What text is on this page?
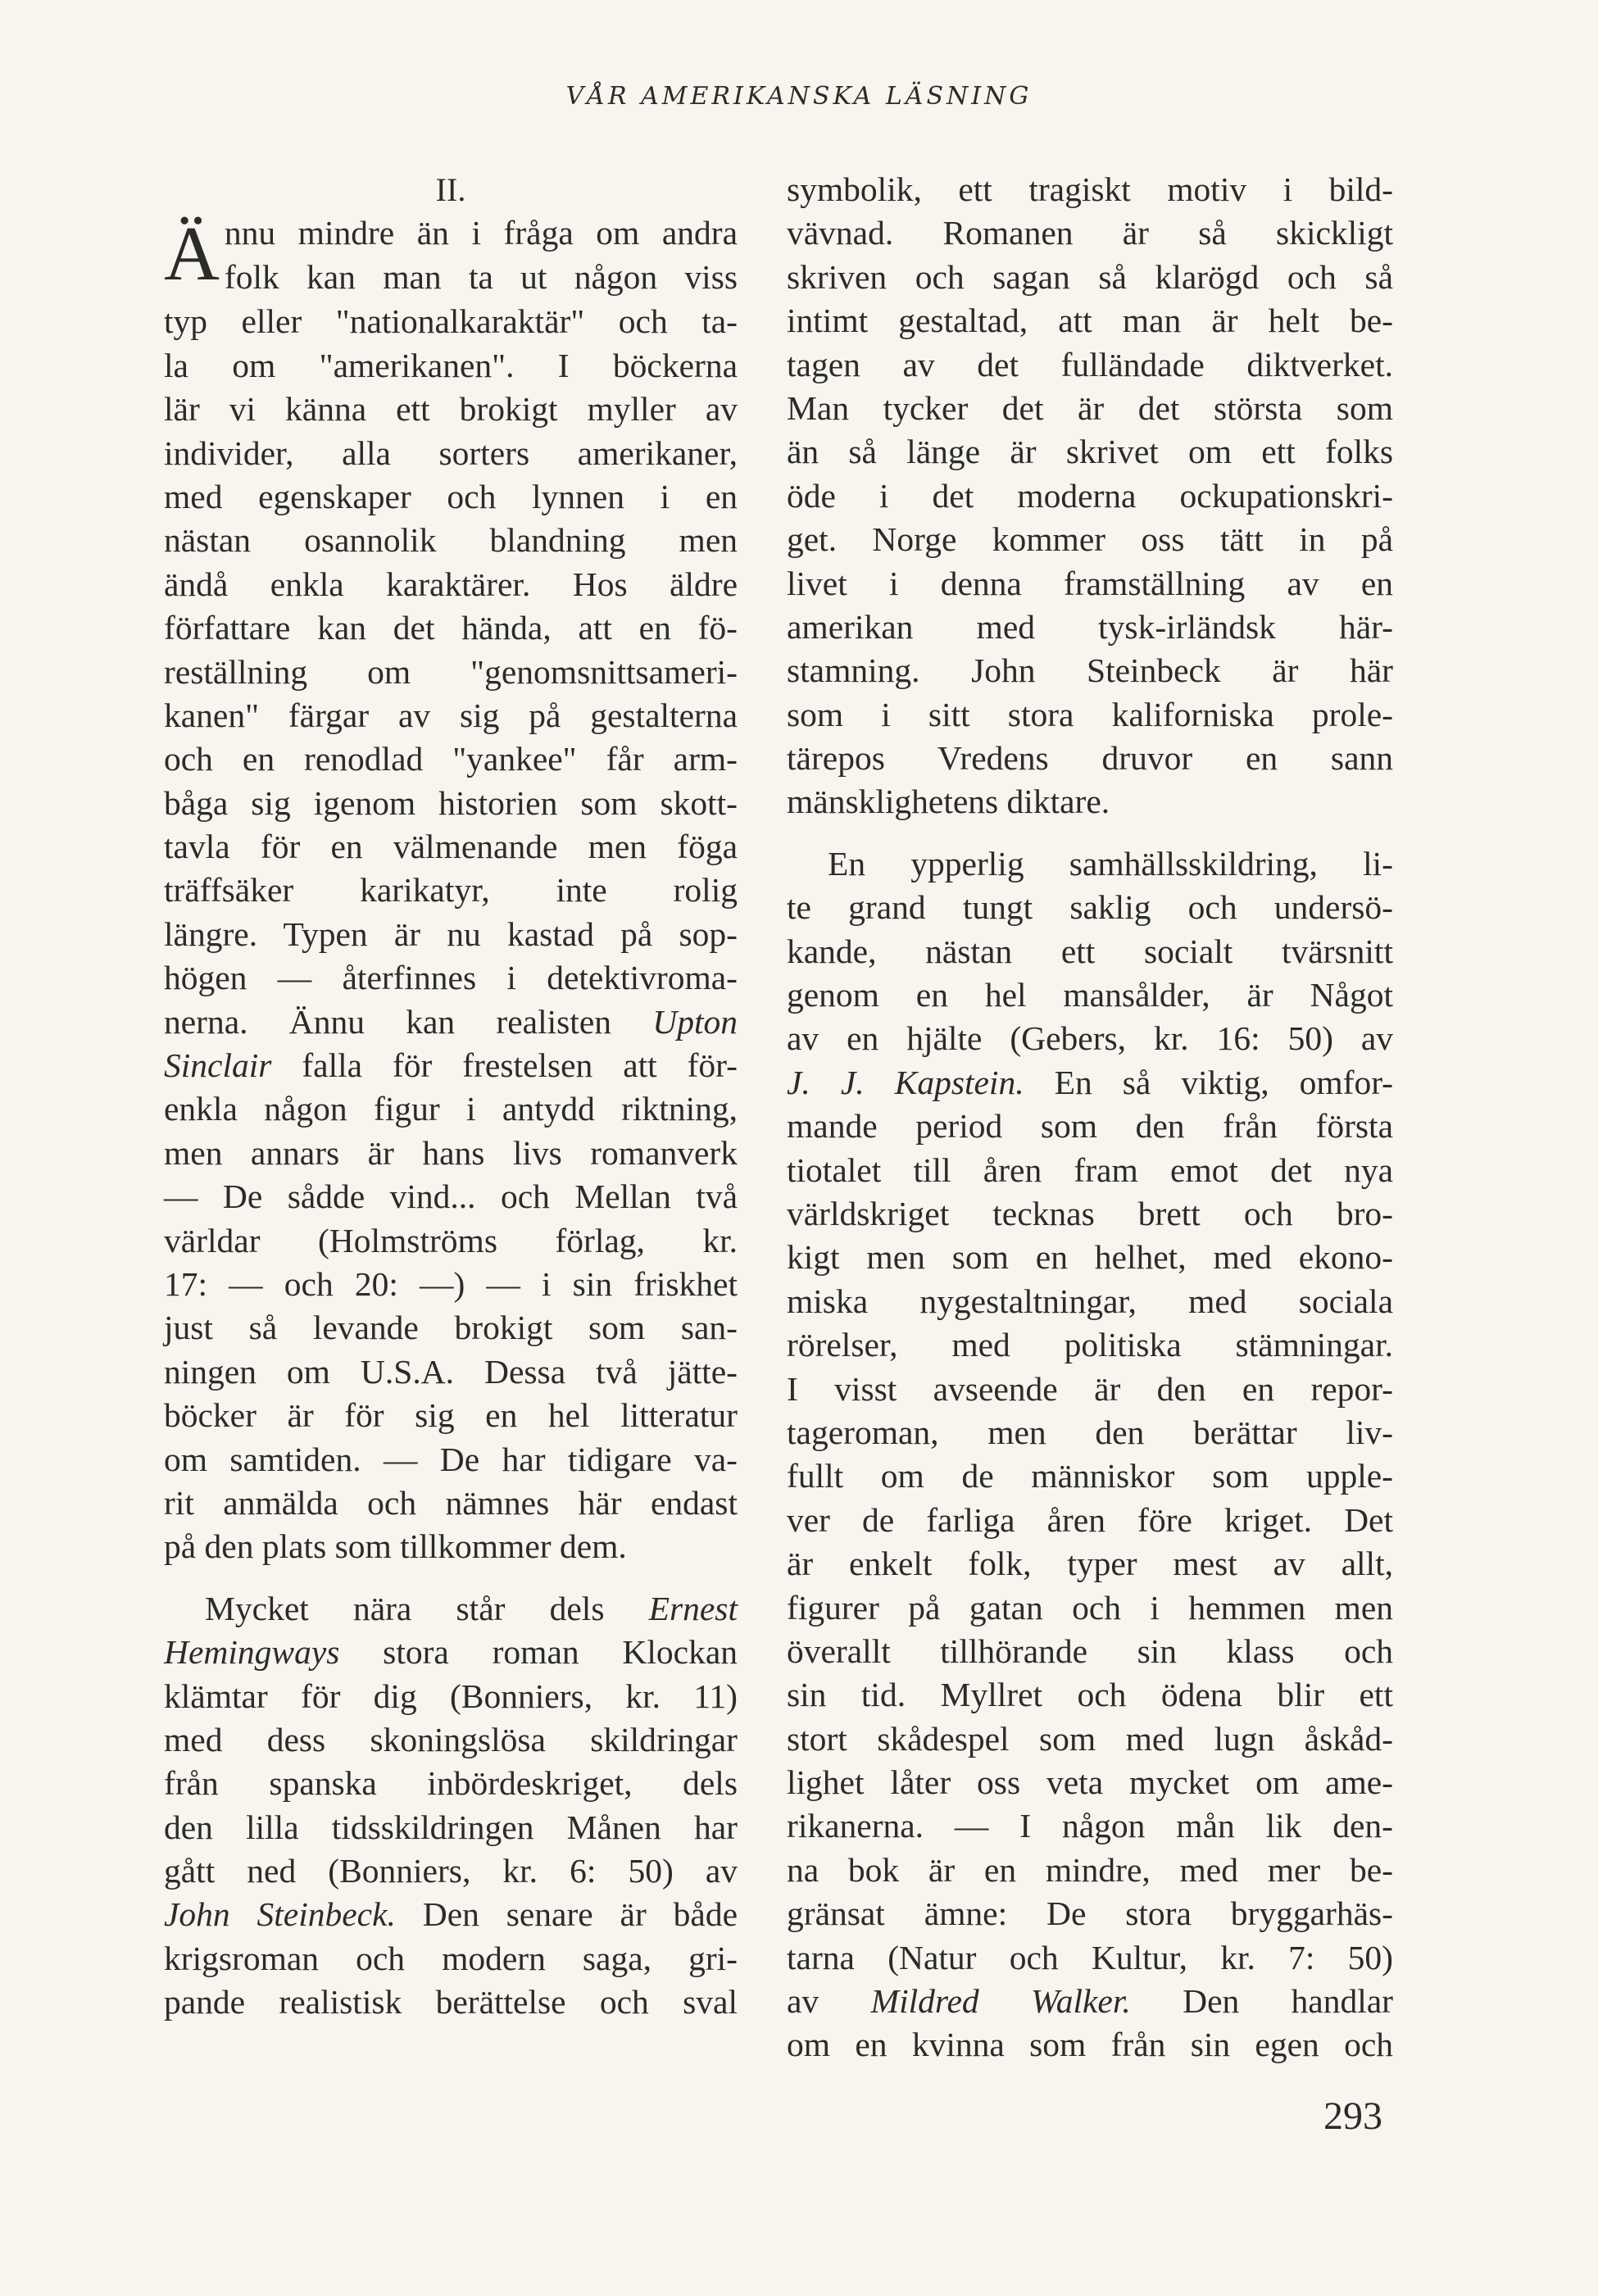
VÅR AMERIKANSKA LÄSNING
II.
Ä nnu mindre än i fråga om andra
folk kan man ta ut någon viss
typ eller "nationalkaraktär" och ta-
la om "amerikanen". I böckerna
lär vi känna ett brokigt myller av
individer, alla sorters amerikaner,
med egenskaper och lynnen i en
nästan osannolik blandning men
ändå enkla karaktärer. Hos äldre
författare kan det hända, att en fö-
reställning om "genomsnittsameri-
kanen" färgar av sig på gestalterna
och en renodlad "yankee" får arm-
båga sig igenom historien som skott-
tavla för en välmenande men föga
träffsäker karikatyr, inte rolig
längre. Typen är nu kastad på sop-
högen — återfinnes i detektivroma-
nerna. Ännu kan realisten Upton
Sinclair falla för frestelsen att för-
enkla någon figur i antydd riktning,
men annars är hans livs romanverk
— De sådde vind... och Mellan två
världar (Holmströms förlag, kr.
17: — och 20: —) — i sin friskhet
just så levande brokigt som san-
ningen om U.S.A. Dessa två jätte-
böcker är för sig en hel litteratur
om samtiden. — De har tidigare va-
rit anmälda och nämnes här endast
på den plats som tillkommer dem.
Mycket nära står dels Ernest
Hemingways stora roman Klockan
klämtar för dig (Bonniers, kr. 11)
med dess skoningslösa skildringar
från spanska inbördeskriget, dels
den lilla tidsskildringen Månen har
gått ned (Bonniers, kr. 6: 50) av
John Steinbeck. Den senare är både
krigsroman och modern saga, gri-
pande realistisk berättelse och sval
symbolik, ett tragiskt motiv i bild-
vävnad. Romanen är så skickligt
skriven och sagan så klarögd och så
intimt gestaltad, att man är helt be-
tagen av det fulländade diktverket.
Man tycker det är det största som
än så länge är skrivet om ett folks
öde i det moderna ockupationskri-
get. Norge kommer oss tätt in på
livet i denna framställning av en
amerikan med tysk-irländsk här-
stamning. John Steinbeck är här
som i sitt stora kaliforniska prole-
tärepos Vredens druvor en sann
mänsklighetens diktare.
En ypperlig samhällsskildring, li-
te grand tungt saklig och undersö-
kande, nästan ett socialt tvärsnitt
genom en hel mansålder, är Något
av en hjälte (Gebers, kr. 16: 50) av
J. J. Kapstein. En så viktig, omfor-
mande period som den från första
tiotalet till åren fram emot det nya
världskriget tecknas brett och bro-
kigt men som en helhet, med ekono-
miska nygestaltningar, med sociala
rörelser, med politiska stämningar.
I visst avseende är den en repor-
tageroman, men den berättar liv-
fullt om de människor som upple-
ver de farliga åren före kriget. Det
är enkelt folk, typer mest av allt,
figurer på gatan och i hemmen men
överallt tillhörande sin klass och
sin tid. Myllret och ödena blir ett
stort skådespel som med lugn åskåd-
lighet låter oss veta mycket om ame-
rikanerna. — I någon mån lik den-
na bok är en mindre, med mer be-
gränsat ämne: De stora bryggarhäs-
tarna (Natur och Kultur, kr. 7: 50)
av Mildred Walker. Den handlar
om en kvinna som från sin egen och
293
